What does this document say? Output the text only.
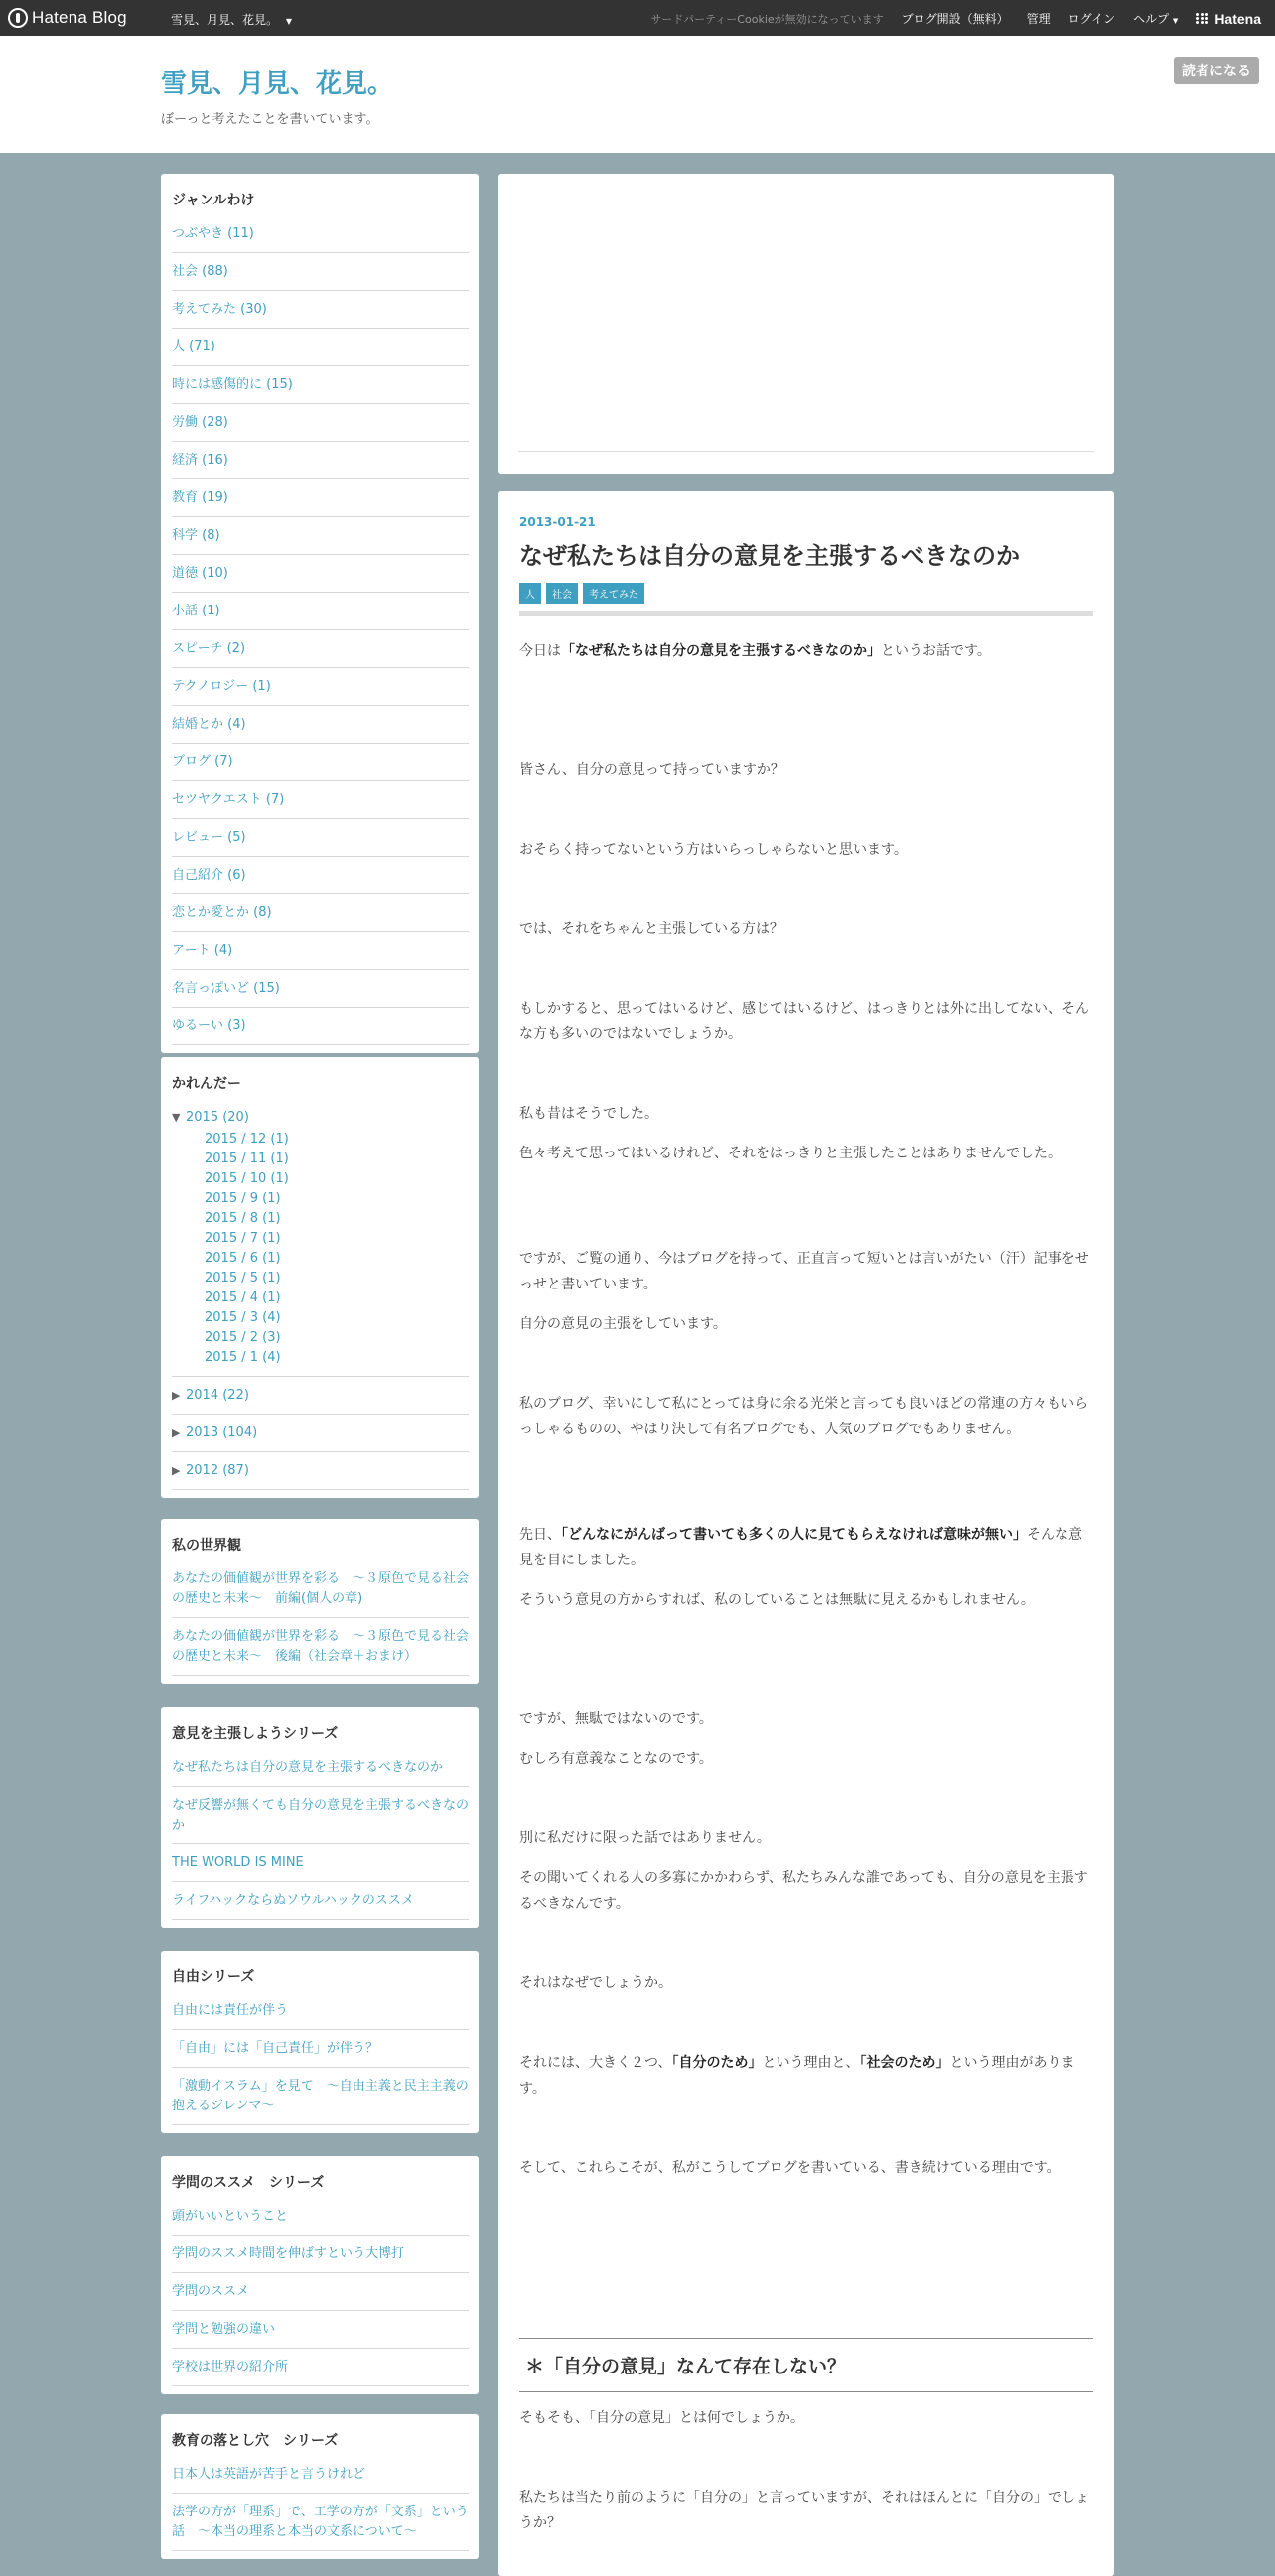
Hatena Blog	雪見、月見、花見。 ▼	サードパーティーCookieが無効になっています ブログ開設（無料） 管理 ログイン ヘルプ ▼	Hatena
雪見、月見、花見。
ぼーっと考えたことを書いています。
読者になる
ジャンルわけ
つぶやき (11)
社会 (88)
考えてみた (30)
人 (71)
時には感傷的に (15)
労働 (28)
経済 (16)
教育 (19)
科学 (8)
道徳 (10)
小話 (1)
スピーチ (2)
テクノロジー (1)
結婚とか (4)
ブログ (7)
セツヤクエスト (7)
レビュー (5)
自己紹介 (6)
恋とか愛とか (8)
アート (4)
名言っぽいど (15)
ゆるーい (3)
かれんだー
▼ 2015 (20)
2015 / 12 (1)
2015 / 11 (1)
2015 / 10 (1)
2015 / 9 (1)
2015 / 8 (1)
2015 / 7 (1)
2015 / 6 (1)
2015 / 5 (1)
2015 / 4 (1)
2015 / 3 (4)
2015 / 2 (3)
2015 / 1 (4)
▶ 2014 (22)
▶ 2013 (104)
▶ 2012 (87)
私の世界観
あなたの価値観が世界を彩る　～３原色で見る社会の歴史と未来～　前編(個人の章)
あなたの価値観が世界を彩る　～３原色で見る社会の歴史と未来～　後編（社会章＋おまけ）
意見を主張しようシリーズ
なぜ私たちは自分の意見を主張するべきなのか
なぜ反響が無くても自分の意見を主張するべきなのか
THE WORLD IS MINE
ライフハックならぬソウルハックのススメ
自由シリーズ
自由には責任が伴う
「自由」には「自己責任」が伴う？
「激動イスラム」を見て　～自由主義と民主主義の抱えるジレンマ～
学問のススメ　シリーズ
頭がいいということ
学問のススメ時間を伸ばすという大博打
学問のススメ
学問と勉強の違い
学校は世界の紹介所
教育の落とし穴　シリーズ
日本人は英語が苦手と言うけれど
法学の方が「理系」で、工学の方が「文系」という話　～本当の理系と本当の文系について～
2013-01-21
なぜ私たちは自分の意見を主張するべきなのか
人	社会	考えてみた
今日は「なぜ私たちは自分の意見を主張するべきなのか」というお話です。
皆さん、自分の意見って持っていますか？
おそらく持ってないという方はいらっしゃらないと思います。
では、それをちゃんと主張している方は？
もしかすると、思ってはいるけど、感じてはいるけど、はっきりとは外に出してない、そんな方も多いのではないでしょうか。
私も昔はそうでした。
色々考えて思ってはいるけれど、それをはっきりと主張したことはありませんでした。
ですが、ご覧の通り、今はブログを持って、正直言って短いとは言いがたい（汗）記事をせっせと書いています。
自分の意見の主張をしています。
私のブログ、幸いにして私にとっては身に余る光栄と言っても良いほどの常連の方々もいらっしゃるものの、やはり決して有名ブログでも、人気のブログでもありません。
先日、「どんなにがんばって書いても多くの人に見てもらえなければ意味が無い」そんな意見を目にしました。
そういう意見の方からすれば、私のしていることは無駄に見えるかもしれません。
ですが、無駄ではないのです。
むしろ有意義なことなのです。
別に私だけに限った話ではありません。
その聞いてくれる人の多寡にかかわらず、私たちみんな誰であっても、自分の意見を主張するべきなんです。
それはなぜでしょうか。
それには、大きく２つ、「自分のため」という理由と、「社会のため」という理由があります。
そして、これらこそが、私がこうしてブログを書いている、書き続けている理由です。
＊「自分の意見」なんて存在しない？
そもそも、「自分の意見」とは何でしょうか。
私たちは当たり前のように「自分の」と言っていますが、それはほんとに「自分の」でしょうか？
